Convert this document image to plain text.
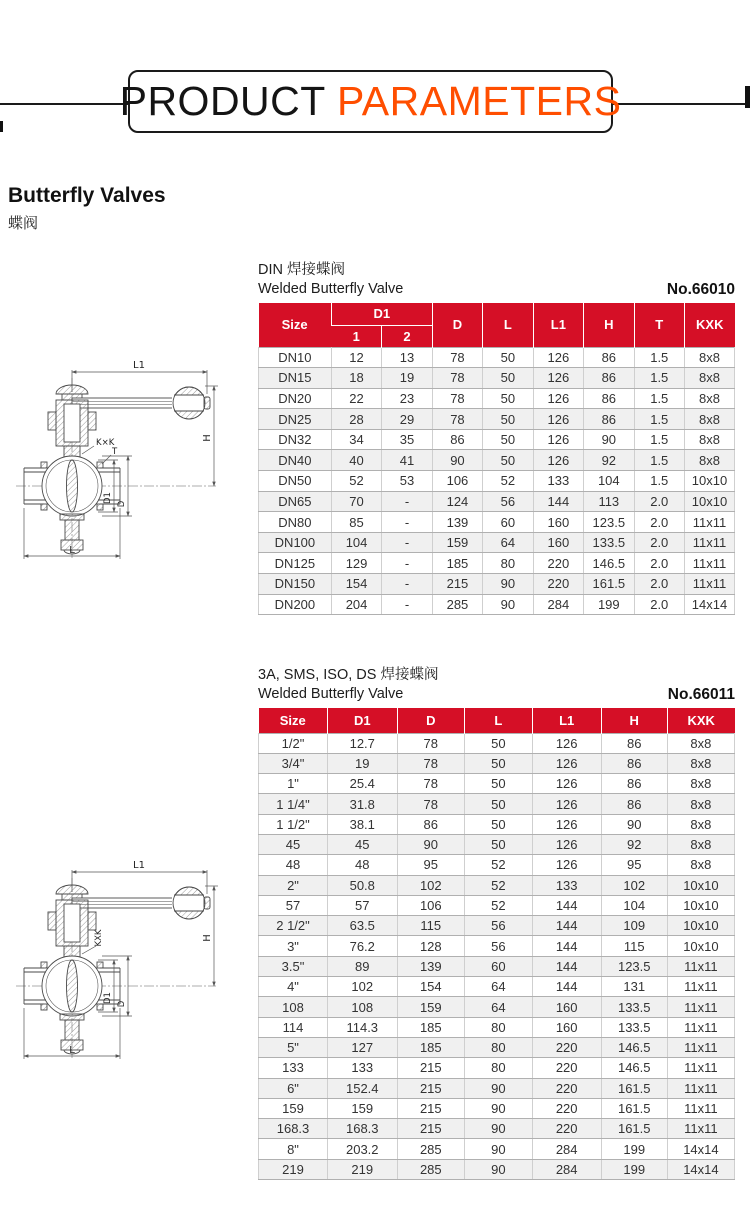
PRODUCT PARAMETERS
Butterfly Valves
蝶阀
L1
H
K×K
T
D1
D
L
DIN 焊接蝶阀
Welded Butterfly Valve	No.66010
Size	D1		D	L	L1	H	T	KXK
	1	2						
DN10	12	13	78	50	126	86	1.5	8x8
DN15	18	19	78	50	126	86	1.5	8x8
DN20	22	23	78	50	126	86	1.5	8x8
DN25	28	29	78	50	126	86	1.5	8x8
DN32	34	35	86	50	126	90	1.5	8x8
DN40	40	41	90	50	126	92	1.5	8x8
DN50	52	53	106	52	133	104	1.5	10x10
DN65	70	-	124	56	144	113	2.0	10x10
DN80	85	-	139	60	160	123.5	2.0	11x11
DN100	104	-	159	64	160	133.5	2.0	11x11
DN125	129	-	185	80	220	146.5	2.0	11x11
DN150	154	-	215	90	220	161.5	2.0	11x11
DN200	204	-	285	90	284	199	2.0	14x14
L1
H
KXK
D1
D
L
3A, SMS, ISO, DS 焊接蝶阀
Welded Butterfly Valve	No.66011
Size	D1	D	L	L1	H	KXK
1/2"	12.7	78	50	126	86	8x8
3/4"	19	78	50	126	86	8x8
1"	25.4	78	50	126	86	8x8
1 1/4"	31.8	78	50	126	86	8x8
1 1/2"	38.1	86	50	126	90	8x8
45	45	90	50	126	92	8x8
48	48	95	52	126	95	8x8
2"	50.8	102	52	133	102	10x10
57	57	106	52	144	104	10x10
2 1/2"	63.5	115	56	144	109	10x10
3"	76.2	128	56	144	115	10x10
3.5"	89	139	60	144	123.5	11x11
4"	102	154	64	144	131	11x11
108	108	159	64	160	133.5	11x11
114	114.3	185	80	160	133.5	11x11
5"	127	185	80	220	146.5	11x11
133	133	215	80	220	146.5	11x11
6"	152.4	215	90	220	161.5	11x11
159	159	215	90	220	161.5	11x11
168.3	168.3	215	90	220	161.5	11x11
8"	203.2	285	90	284	199	14x14
219	219	285	90	284	199	14x14
